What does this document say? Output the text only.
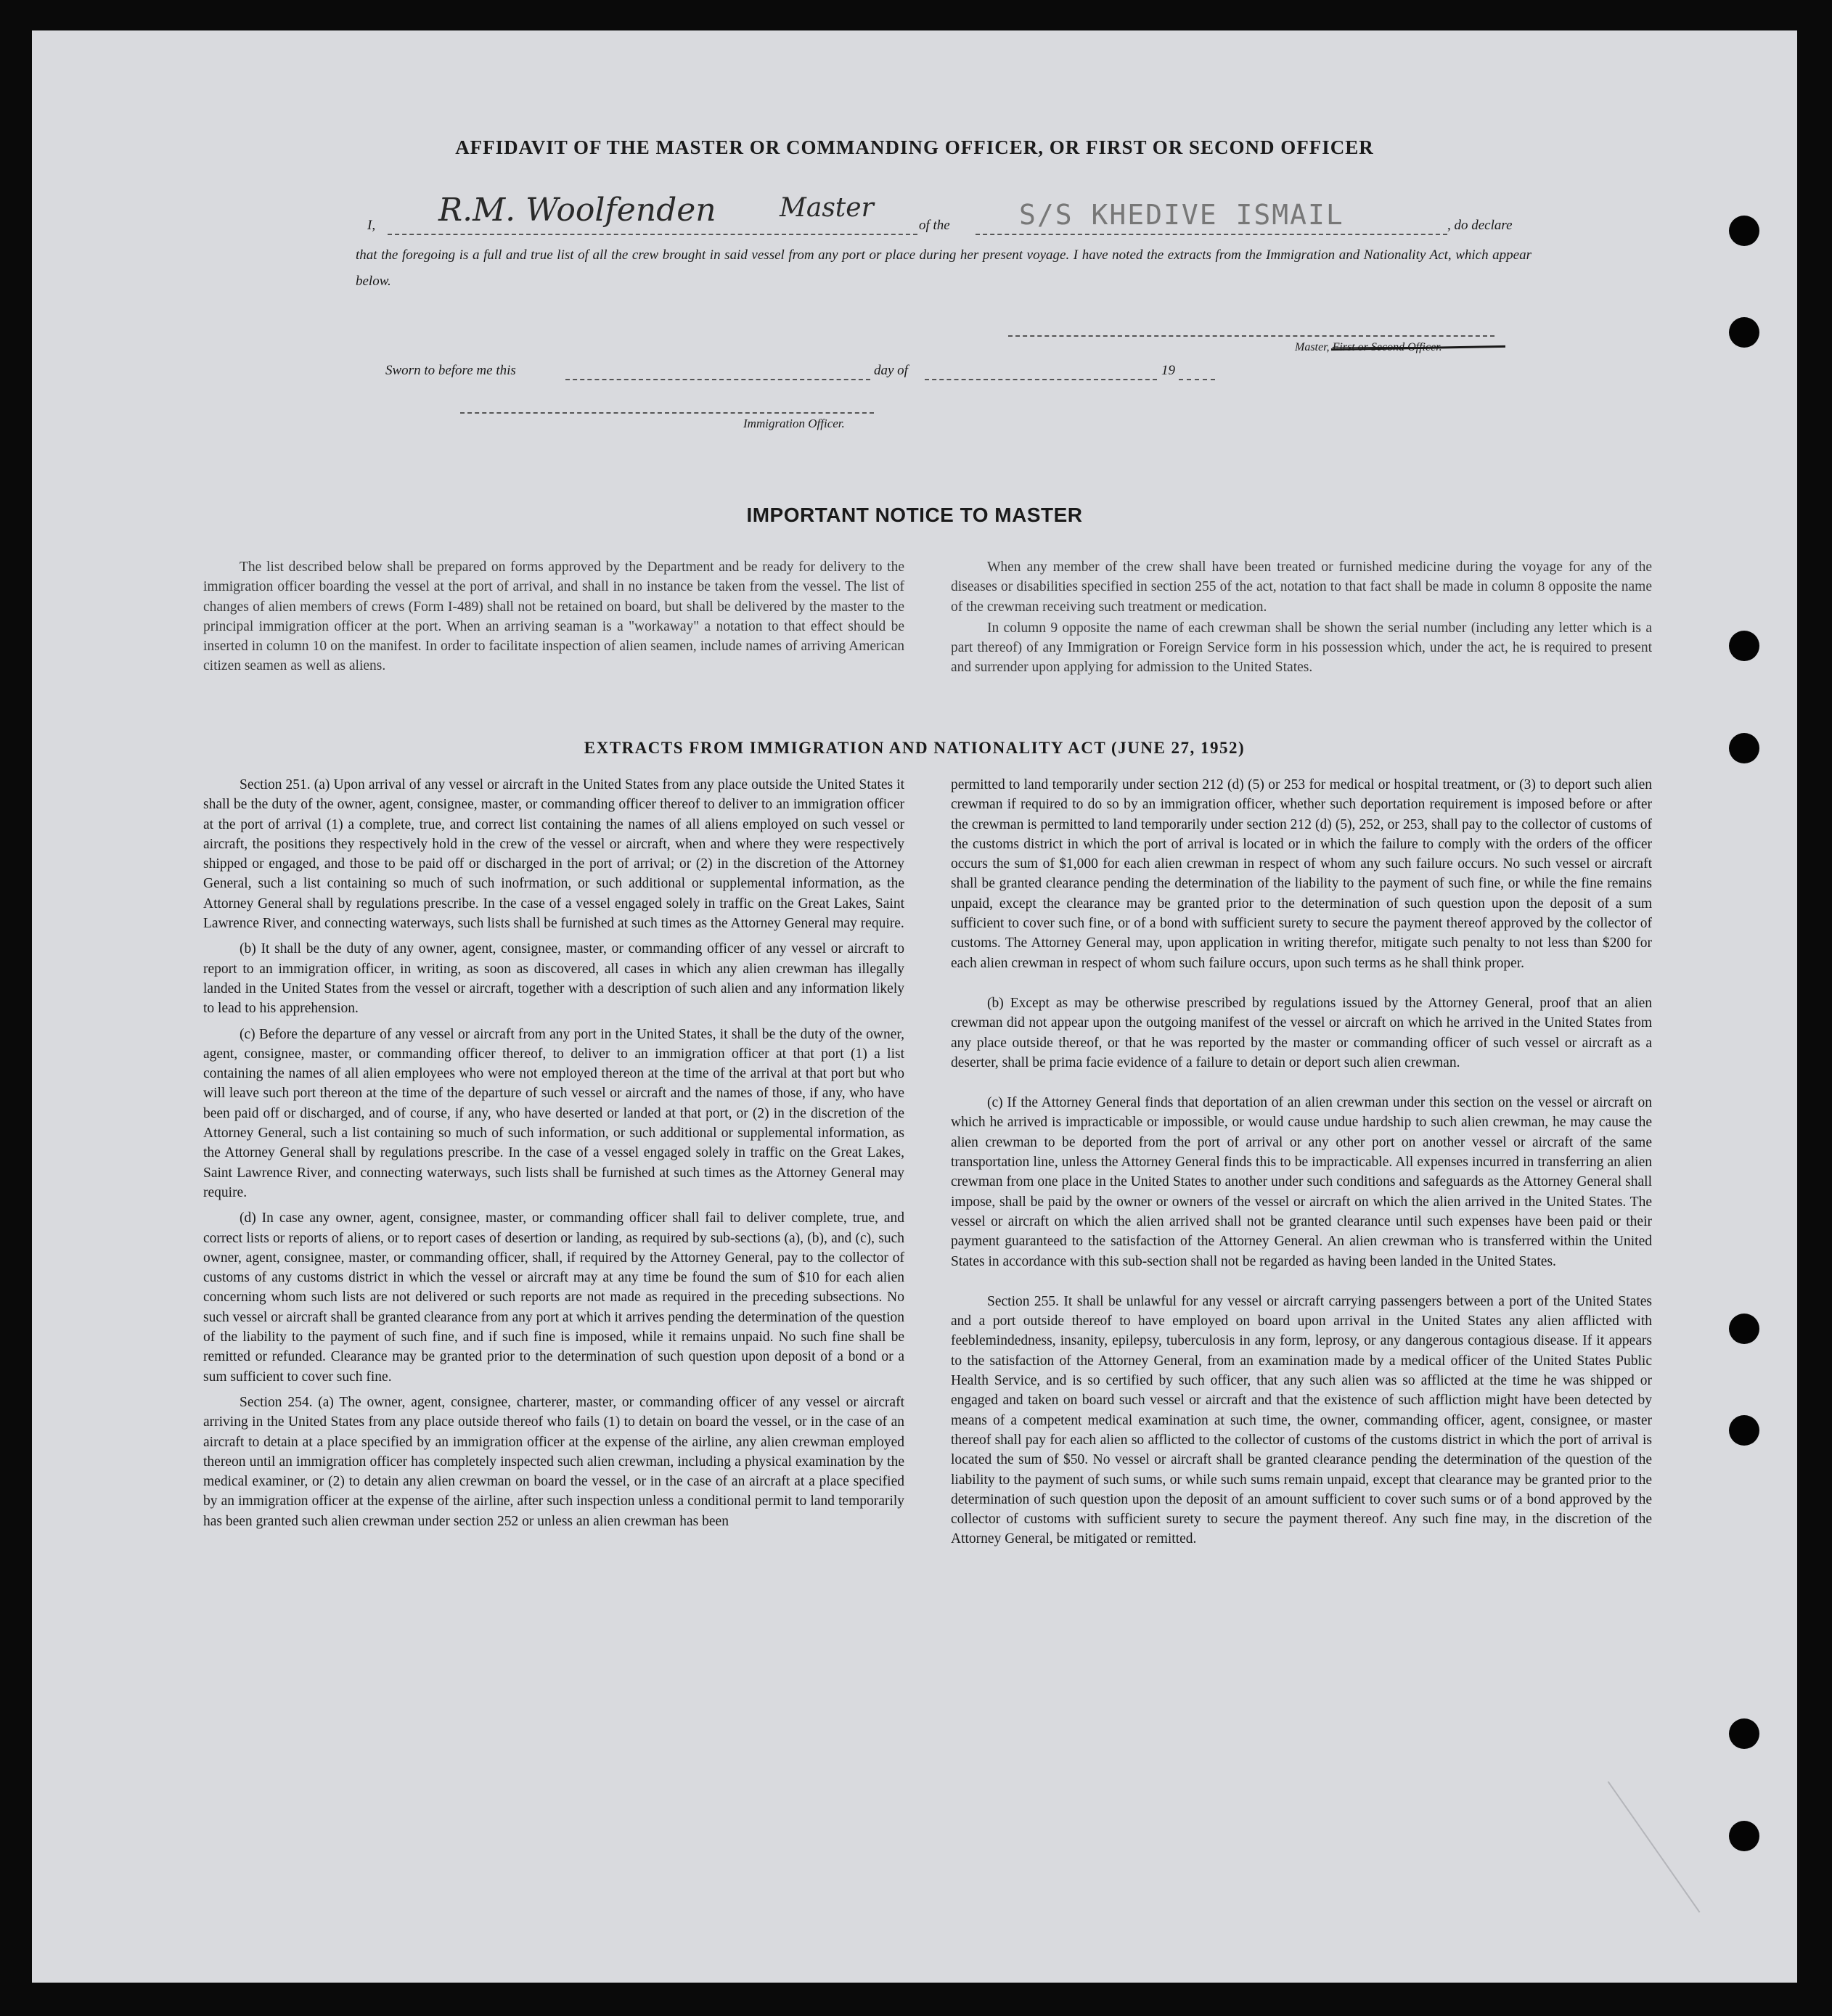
AFFIDAVIT OF THE MASTER OR COMMANDING OFFICER, OR FIRST OR SECOND OFFICER
I, R.M. Woolfenden Master
of the	S/S KHEDIVE ISMAIL	, do declare
that the foregoing is a full and true list of all the crew brought in said vessel from any port or place during her present voyage. I have noted the extracts from the Immigration and Nationality Act, which appear below.
Master, First or Second Officer.
Sworn to before me this	day of	19
Immigration Officer.
IMPORTANT NOTICE TO MASTER

The list described below shall be prepared on forms approved by the Department and be ready for delivery to the immigration officer boarding the vessel at the port of arrival, and shall in no instance be taken from the vessel. The list of changes of alien members of crews (Form I-489) shall not be retained on board, but shall be delivered by the master to the principal immigration officer at the port. When an arriving seaman is a "workaway" a notation to that effect should be inserted in column 10 on the manifest. In order to facilitate inspection of alien seamen, include names of arriving American citizen seamen as well as aliens.

When any member of the crew shall have been treated or furnished medicine during the voyage for any of the diseases or disabilities specified in section 255 of the act, notation to that fact shall be made in column 8 opposite the name of the crewman receiving such treatment or medication.

In column 9 opposite the name of each crewman shall be shown the serial number (including any letter which is a part thereof) of any Immigration or Foreign Service form in his possession which, under the act, he is required to present and surrender upon applying for admission to the United States.

EXTRACTS FROM IMMIGRATION AND NATIONALITY ACT (JUNE 27, 1952)

Section 251. (a) Upon arrival of any vessel or aircraft in the United States from any place outside the United States it shall be the duty of the owner, agent, consignee, master, or commanding officer thereof to deliver to an immigration officer at the port of arrival (1) a complete, true, and correct list containing the names of all aliens employed on such vessel or aircraft, the positions they respectively hold in the crew of the vessel or aircraft, when and where they were respectively shipped or engaged, and those to be paid off or discharged in the port of arrival; or (2) in the discretion of the Attorney General, such a list containing so much of such inofrmation, or such additional or supplemental information, as the Attorney General shall by regulations prescribe. In the case of a vessel engaged solely in traffic on the Great Lakes, Saint Lawrence River, and connecting waterways, such lists shall be furnished at such times as the Attorney General may require.

(b) It shall be the duty of any owner, agent, consignee, master, or commanding officer of any vessel or aircraft to report to an immigration officer, in writing, as soon as discovered, all cases in which any alien crewman has illegally landed in the United States from the vessel or aircraft, together with a description of such alien and any information likely to lead to his apprehension.

(c) Before the departure of any vessel or aircraft from any port in the United States, it shall be the duty of the owner, agent, consignee, master, or commanding officer thereof, to deliver to an immigration officer at that port (1) a list containing the names of all alien employees who were not employed thereon at the time of the arrival at that port but who will leave such port thereon at the time of the departure of such vessel or aircraft and the names of those, if any, who have been paid off or discharged, and of course, if any, who have deserted or landed at that port, or (2) in the discretion of the Attorney General, such a list containing so much of such information, or such additional or supplemental information, as the Attorney General shall by regulations prescribe. In the case of a vessel engaged solely in traffic on the Great Lakes, Saint Lawrence River, and connecting waterways, such lists shall be furnished at such times as the Attorney General may require.

(d) In case any owner, agent, consignee, master, or commanding officer shall fail to deliver complete, true, and correct lists or reports of aliens, or to report cases of desertion or landing, as required by sub-sections (a), (b), and (c), such owner, agent, consignee, master, or commanding officer, shall, if required by the Attorney General, pay to the collector of customs of any customs district in which the vessel or aircraft may at any time be found the sum of $10 for each alien concerning whom such lists are not delivered or such reports are not made as required in the preceding subsections. No such vessel or aircraft shall be granted clearance from any port at which it arrives pending the determination of the question of the liability to the payment of such fine, and if such fine is imposed, while it remains unpaid. No such fine shall be remitted or refunded. Clearance may be granted prior to the determination of such question upon deposit of a bond or a sum sufficient to cover such fine.

Section 254. (a) The owner, agent, consignee, charterer, master, or commanding officer of any vessel or aircraft arriving in the United States from any place outside thereof who fails (1) to detain on board the vessel, or in the case of an aircraft to detain at a place specified by an immigration officer at the expense of the airline, any alien crewman employed thereon until an immigration officer has completely inspected such alien crewman, including a physical examination by the medical examiner, or (2) to detain any alien crewman on board the vessel, or in the case of an aircraft at a place specified by an immigration officer at the expense of the airline, after such inspection unless a conditional permit to land temporarily has been granted such alien crewman under section 252 or unless an alien crewman has been

permitted to land temporarily under section 212 (d) (5) or 253 for medical or hospital treatment, or (3) to deport such alien crewman if required to do so by an immigration officer, whether such deportation requirement is imposed before or after the crewman is permitted to land temporarily under section 212 (d) (5), 252, or 253, shall pay to the collector of customs of the customs district in which the port of arrival is located or in which the failure to comply with the orders of the officer occurs the sum of $1,000 for each alien crewman in respect of whom any such failure occurs. No such vessel or aircraft shall be granted clearance pending the determination of the liability to the payment of such fine, or while the fine remains unpaid, except the clearance may be granted prior to the determination of such question upon the deposit of a sum sufficient to cover such fine, or of a bond with sufficient surety to secure the payment thereof approved by the collector of customs. The Attorney General may, upon application in writing therefor, mitigate such penalty to not less than $200 for each alien crewman in respect of whom such failure occurs, upon such terms as he shall think proper.

(b) Except as may be otherwise prescribed by regulations issued by the Attorney General, proof that an alien crewman did not appear upon the outgoing manifest of the vessel or aircraft on which he arrived in the United States from any place outside thereof, or that he was reported by the master or commanding officer of such vessel or aircraft as a deserter, shall be prima facie evidence of a failure to detain or deport such alien crewman.

(c) If the Attorney General finds that deportation of an alien crewman under this section on the vessel or aircraft on which he arrived is impracticable or impossible, or would cause undue hardship to such alien crewman, he may cause the alien crewman to be deported from the port of arrival or any other port on another vessel or aircraft of the same transportation line, unless the Attorney General finds this to be impracticable. All expenses incurred in transferring an alien crewman from one place in the United States to another under such conditions and safeguards as the Attorney General shall impose, shall be paid by the owner or owners of the vessel or aircraft on which the alien arrived in the United States. The vessel or aircraft on which the alien arrived shall not be granted clearance until such expenses have been paid or their payment guaranteed to the satisfaction of the Attorney General. An alien crewman who is transferred within the United States in accordance with this sub-section shall not be regarded as having been landed in the United States.

Section 255. It shall be unlawful for any vessel or aircraft carrying passengers between a port of the United States and a port outside thereof to have employed on board upon arrival in the United States any alien afflicted with feeblemindedness, insanity, epilepsy, tuberculosis in any form, leprosy, or any dangerous contagious disease. If it appears to the satisfaction of the Attorney General, from an examination made by a medical officer of the United States Public Health Service, and is so certified by such officer, that any such alien was so afflicted at the time he was shipped or engaged and taken on board such vessel or aircraft and that the existence of such affliction might have been detected by means of a competent medical examination at such time, the owner, commanding officer, agent, consignee, or master thereof shall pay for each alien so afflicted to the collector of customs of the customs district in which the port of arrival is located the sum of $50. No vessel or aircraft shall be granted clearance pending the determination of the question of the liability to the payment of such sums, or while such sums remain unpaid, except that clearance may be granted prior to the determination of such question upon the deposit of an amount sufficient to cover such sums or of a bond approved by the collector of customs with sufficient surety to secure the payment thereof. Any such fine may, in the discretion of the Attorney General, be mitigated or remitted.
